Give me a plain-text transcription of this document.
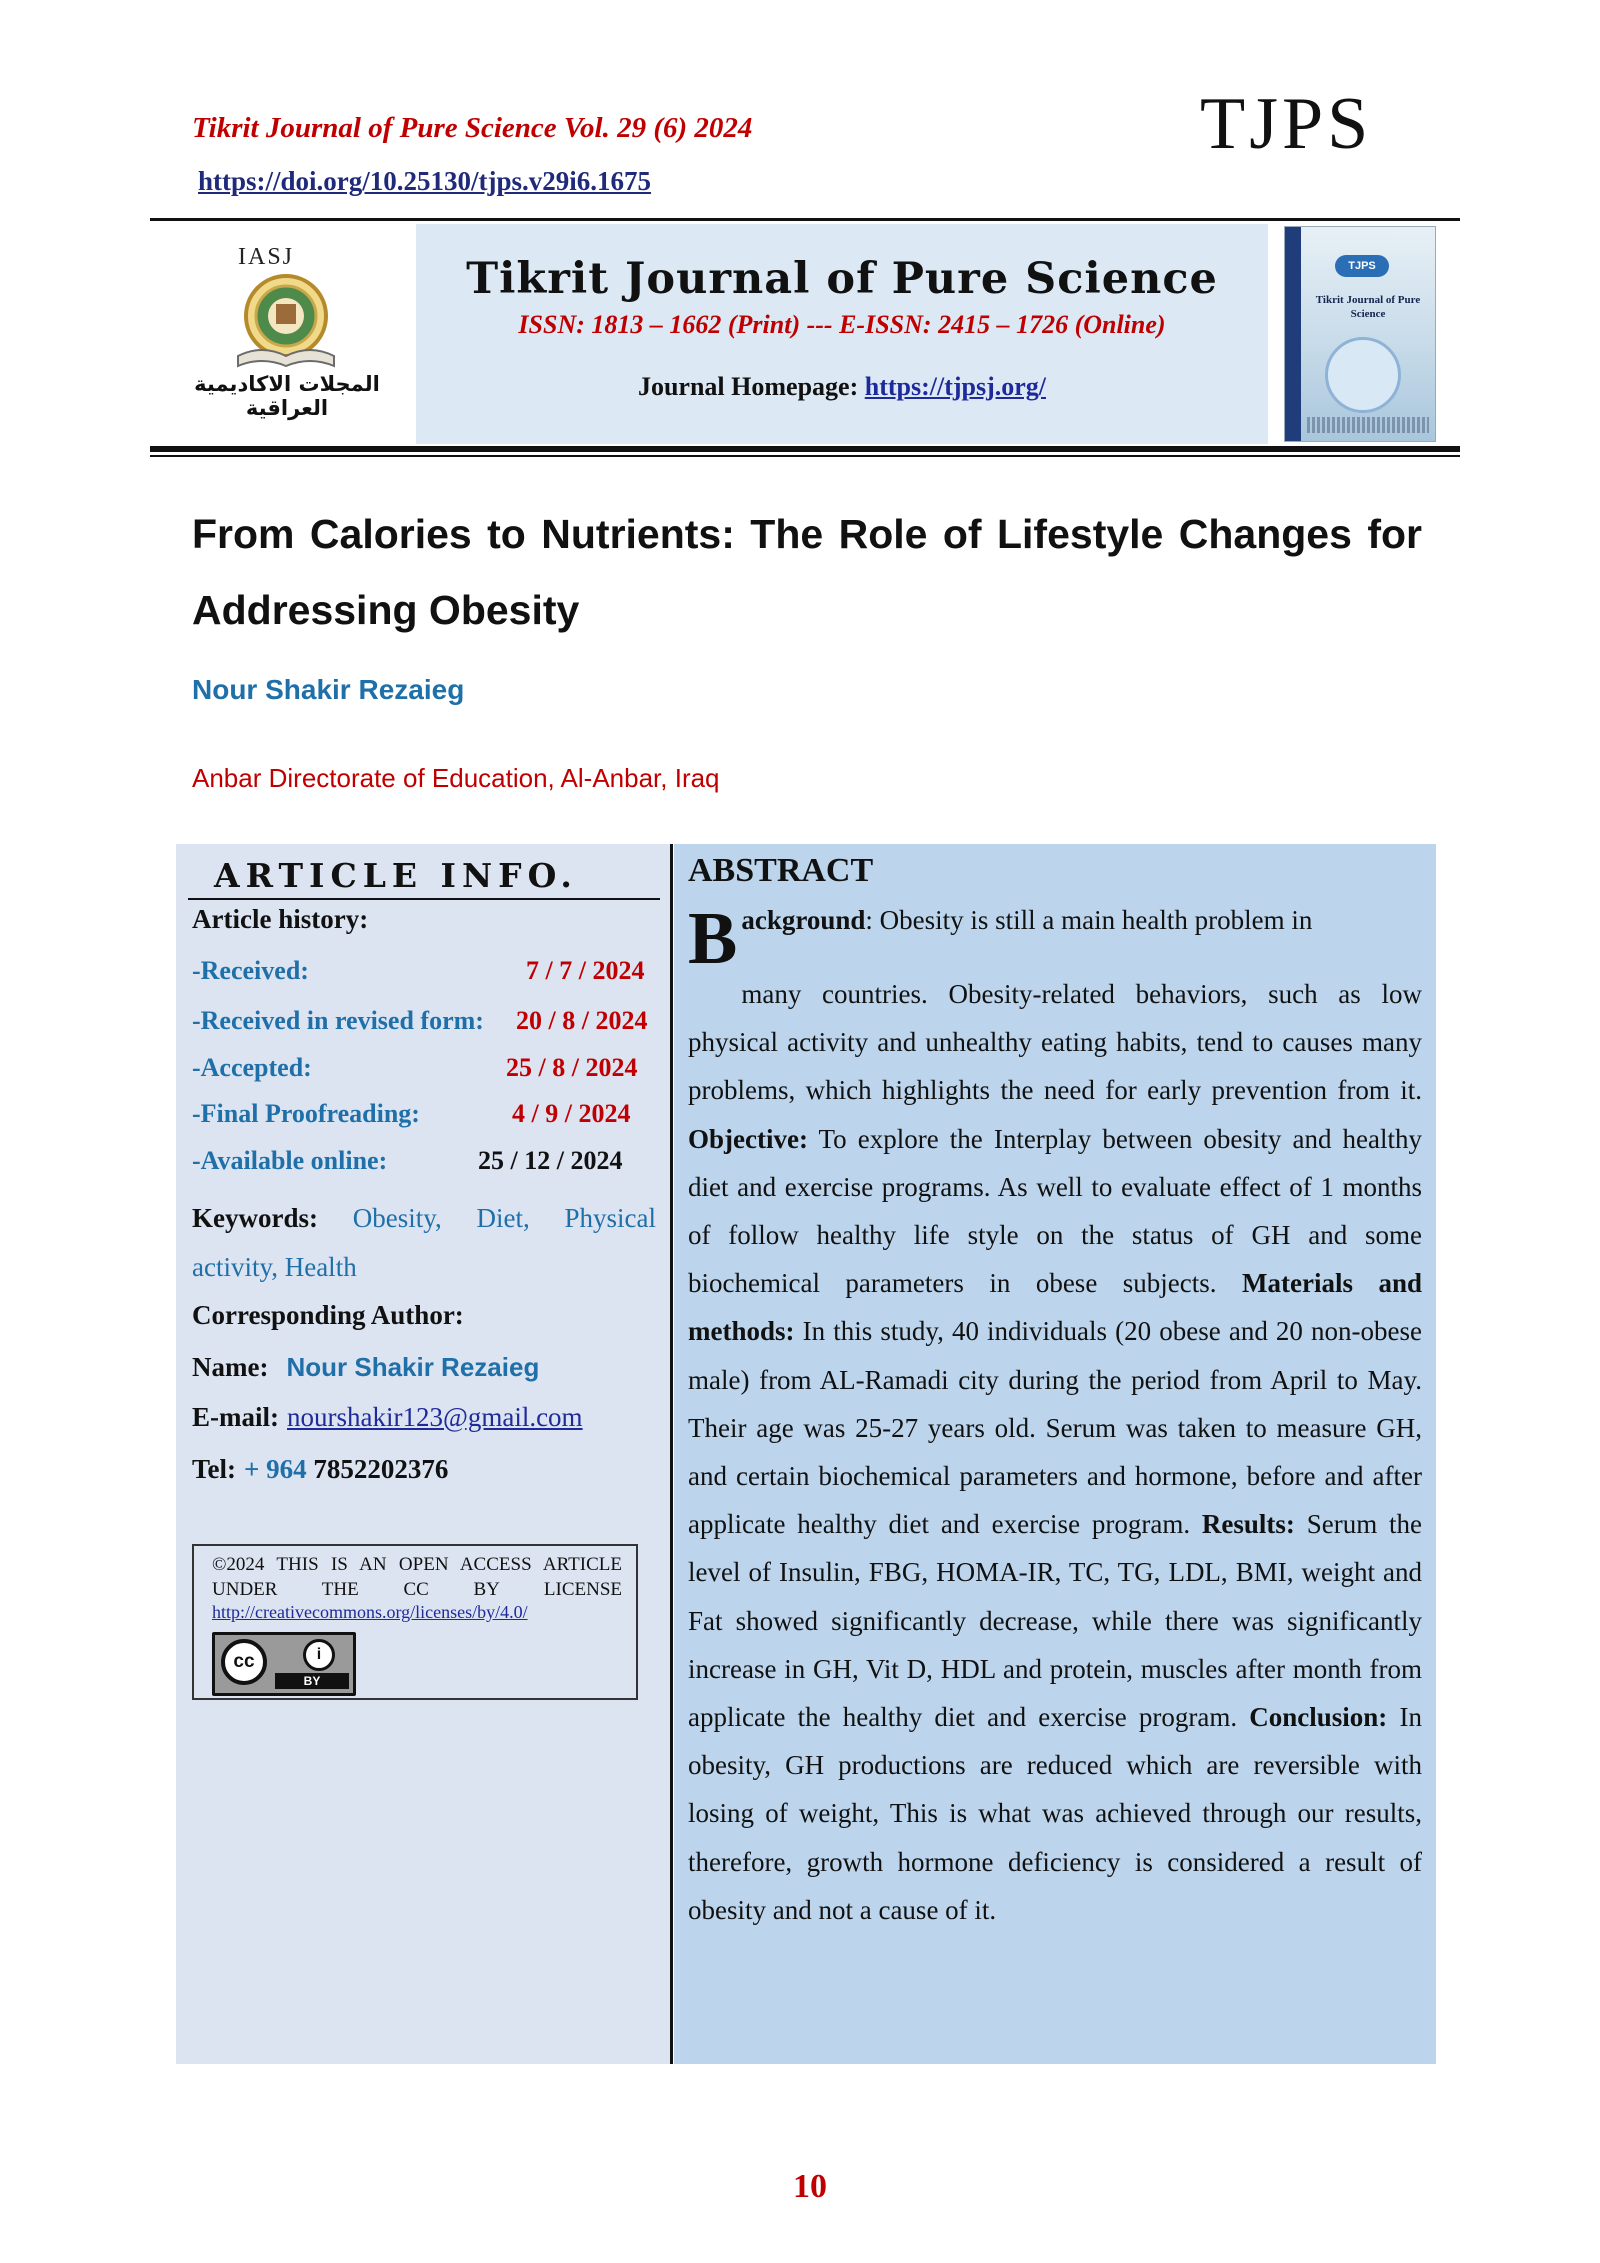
Tikrit Journal of Pure Science Vol. 29 (6) 2024
https://doi.org/10.25130/tjps.v29i6.1675
TJPS
IASJ
المجلات الاكاديمية العراقية
Tikrit Journal of Pure Science
ISSN: 1813 – 1662 (Print) --- E-ISSN: 2415 – 1726 (Online)
Journal Homepage: https://tjpsj.org/
TJPS
Tikrit Journal of Pure Science
From Calories to Nutrients: The Role of Lifestyle Changes for Addressing Obesity
Nour Shakir Rezaieg
Anbar Directorate of Education, Al-Anbar, Iraq
ARTICLE INFO.
Article history:
-Received:	7 / 7 / 2024
-Received in revised form: 20 / 8 / 2024
-Accepted:	25 / 8 / 2024
-Final Proofreading:	4 / 9 / 2024
-Available online:	25 / 12 / 2024
Keywords: Obesity, Diet, Physical
activity, Health
Corresponding Author:
Name: Nour Shakir Rezaieg
E-mail: nourshakir123@gmail.com
Tel: + 964 7852202376
©2024 THIS IS AN OPEN ACCESS ARTICLE UNDER THE CC BY LICENSE
http://creativecommons.org/licenses/by/4.0/
cc	i
BY
ABSTRACT
B ackground: Obesity is still a main health problem in
many countries. Obesity-related behaviors, such as low physical activity and unhealthy eating habits, tend to causes many problems, which highlights the need for early prevention from it. Objective: To explore the Interplay between obesity and healthy diet and exercise programs. As well to evaluate effect of 1 months of follow healthy life style on the status of GH and some biochemical parameters in obese subjects. Materials and methods: In this study, 40 individuals (20 obese and 20 non-obese male) from AL-Ramadi city during the period from April to May. Their age was 25-27 years old. Serum was taken to measure GH, and certain biochemical parameters and hormone, before and after applicate healthy diet and exercise program. Results: Serum the level of Insulin, FBG, HOMA-IR, TC, TG, LDL, BMI, weight and Fat showed significantly decrease, while there was significantly increase in GH, Vit D, HDL and protein, muscles after month from applicate the healthy diet and exercise program. Conclusion: In obesity, GH productions are reduced which are reversible with losing of weight, This is what was achieved through our results, therefore, growth hormone deficiency is considered a result of obesity and not a cause of it.
10
